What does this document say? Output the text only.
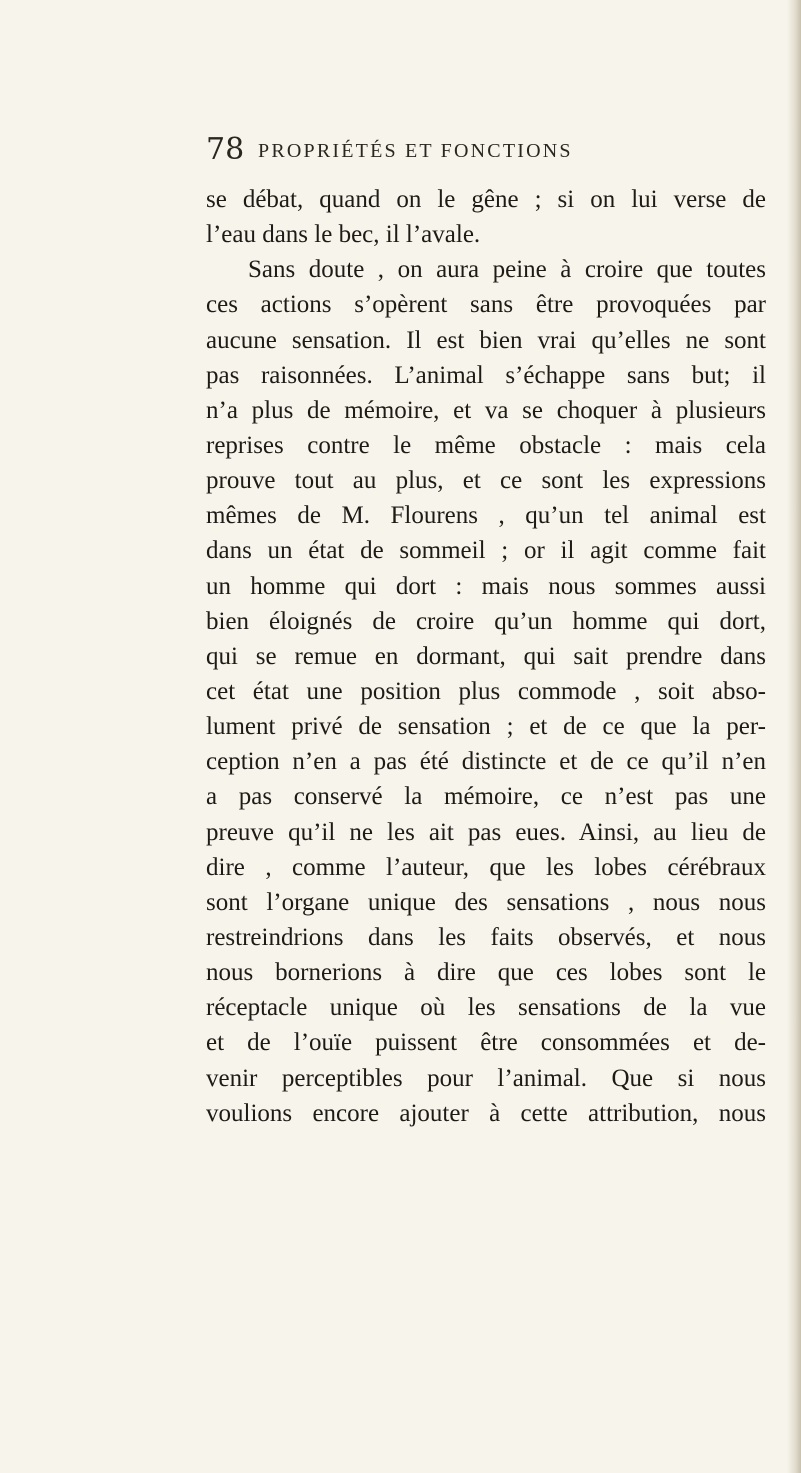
78 PROPRIÉTÉS ET FONCTIONS
se débat, quand on le gêne ; si on lui verse de
l’eau dans le bec, il l’avale.
Sans doute , on aura peine à croire que toutes
ces actions s’opèrent sans être provoquées par
aucune sensation. Il est bien vrai qu’elles ne sont
pas raisonnées. L’animal s’échappe sans but; il
n’a plus de mémoire, et va se choquer à plusieurs
reprises contre le même obstacle : mais cela
prouve tout au plus, et ce sont les expressions
mêmes de M. Flourens , qu’un tel animal est
dans un état de sommeil ; or il agit comme fait
un homme qui dort : mais nous sommes aussi
bien éloignés de croire qu’un homme qui dort,
qui se remue en dormant, qui sait prendre dans
cet état une position plus commode , soit abso-
lument privé de sensation ; et de ce que la per-
ception n’en a pas été distincte et de ce qu’il n’en
a pas conservé la mémoire, ce n’est pas une
preuve qu’il ne les ait pas eues. Ainsi, au lieu de
dire , comme l’auteur, que les lobes cérébraux
sont l’organe unique des sensations , nous nous
restreindrions dans les faits observés, et nous
nous bornerions à dire que ces lobes sont le
réceptacle unique où les sensations de la vue
et de l’ouïe puissent être consommées et de-
venir perceptibles pour l’animal. Que si nous
voulions encore ajouter à cette attribution, nous
